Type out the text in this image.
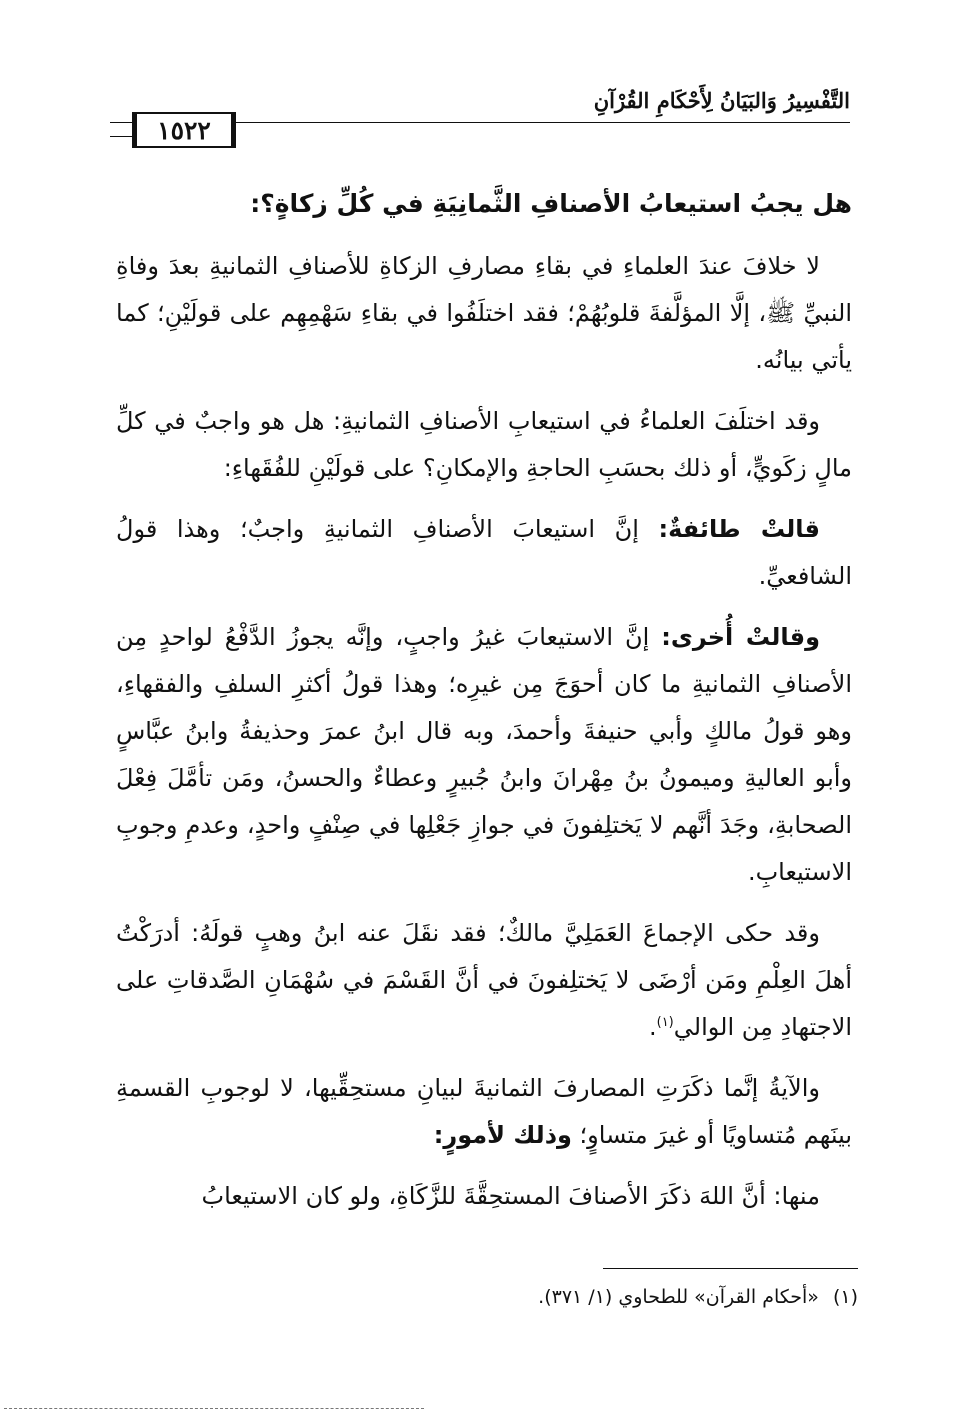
التَّفْسِيرُ وَالبَيَانُ لِأَحْكَامِ القُرْآنِ
١٥٢٢

هل يجبُ استيعابُ الأصنافِ الثَّمانِيَةِ في كُلِّ زكاةٍ؟:

لا خلافَ عندَ العلماءِ في بقاءِ مصارفِ الزكاةِ للأصنافِ الثمانيةِ بعدَ وفاةِ النبيِّ ﷺ، إلَّا المؤلَّفةَ قلوبُهُمْ؛ فقد اختلَفُوا في بقاءِ سَهْمِهِم على قولَيْنِ؛ كما يأتي بيانُه.

وقد اختلَفَ العلماءُ في استيعابِ الأصنافِ الثمانيةِ: هل هو واجبٌ في كلِّ مالٍ زكَويٍّ، أو ذلك بحسَبِ الحاجةِ والإمكانِ؟ على قولَيْنِ للفُقَهاءِ:

قالتْ طائفةٌ: إنَّ استيعابَ الأصنافِ الثمانيةِ واجبٌ؛ وهذا قولُ الشافعيِّ.

وقالتْ أُخرى: إنَّ الاستيعابَ غيرُ واجبٍ، وإنَّه يجوزُ الدَّفْعُ لواحدٍ مِن الأصنافِ الثمانيةِ ما كان أحوَجَ مِن غيرِه؛ وهذا قولُ أكثرِ السلفِ والفقهاءِ، وهو قولُ مالكٍ وأبي حنيفةَ وأحمدَ، وبه قال ابنُ عمرَ وحذيفةُ وابنُ عبَّاسٍ وأبو العاليةِ وميمونُ بنُ مِهْرانَ وابنُ جُبيرٍ وعطاءٌ والحسنُ، ومَن تأمَّلَ فِعْلَ الصحابةِ، وجَدَ أنَّهم لا يَختلِفونَ في جوازِ جَعْلِها في صِنْفٍ واحدٍ، وعدمِ وجوبِ الاستيعابِ.

وقد حكى الإجماعَ العَمَلِيَّ مالكٌ؛ فقد نقَلَ عنه ابنُ وهبٍ قولَهُ: أدرَكْتُ أهلَ العِلْمِ ومَن أرْضَى لا يَختلِفونَ في أنَّ القَسْمَ في سُهْمَانِ الصَّدقاتِ على الاجتهادِ مِن الوالي$^{(١)}$.

والآيةُ إنَّما ذكَرَتِ المصارفَ الثمانيةَ لبيانِ مستحِقِّيها، لا لوجوبِ القسمةِ بينَهم مُتساويًا أو غيرَ متساوٍ؛ وذلك لأمورٍ:

منها: أنَّ اللهَ ذكَرَ الأصنافَ المستحِقَّةَ للزَّكَاةِ، ولو كان الاستيعابُ

(١)«أحكام القرآن» للطحاوي (١/ ٣٧١).
